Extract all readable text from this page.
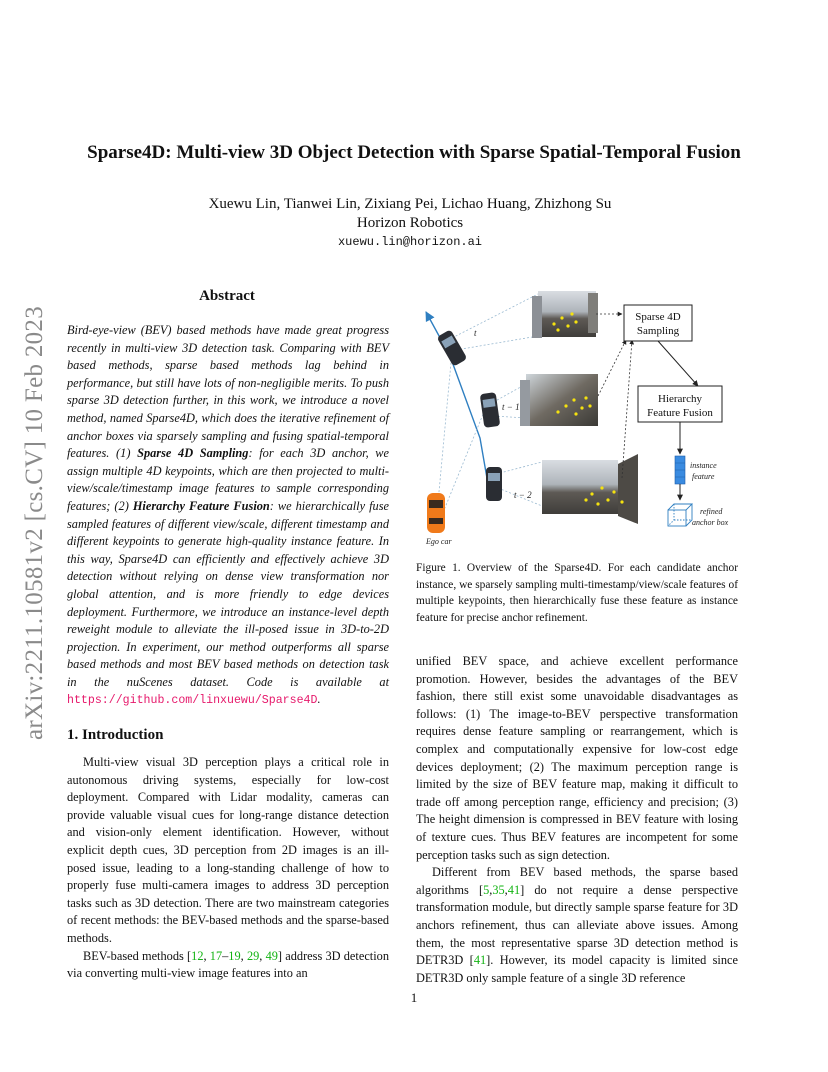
arXiv:2211.10581v2 [cs.CV] 10 Feb 2023
Sparse4D: Multi-view 3D Object Detection with Sparse Spatial-Temporal Fusion
Xuewu Lin, Tianwei Lin, Zixiang Pei, Lichao Huang, Zhizhong Su
Horizon Robotics
xuewu.lin@horizon.ai
Abstract
Bird-eye-view (BEV) based methods have made great progress recently in multi-view 3D detection task. Comparing with BEV based methods, sparse based methods lag behind in performance, but still have lots of non-negligible merits. To push sparse 3D detection further, in this work, we introduce a novel method, named Sparse4D, which does the iterative refinement of anchor boxes via sparsely sampling and fusing spatial-temporal features. (1) Sparse 4D Sampling: for each 3D anchor, we assign multiple 4D keypoints, which are then projected to multi-view/scale/timestamp image features to sample corresponding features; (2) Hierarchy Feature Fusion: we hierarchically fuse sampled features of different view/scale, different timestamp and different keypoints to generate high-quality instance feature. In this way, Sparse4D can efficiently and effectively achieve 3D detection without relying on dense view transformation nor global attention, and is more friendly to edge devices deployment. Furthermore, we introduce an instance-level depth reweight module to alleviate the ill-posed issue in 3D-to-2D projection. In experiment, our method outperforms all sparse based methods and most BEV based methods on detection task in the nuScenes dataset. Code is available at https://github.com/linxuewu/Sparse4D.
1. Introduction

Multi-view visual 3D perception plays a critical role in autonomous driving systems, especially for low-cost deployment. Compared with Lidar modality, cameras can provide valuable visual cues for long-range distance detection and vision-only element identification. However, without explicit depth cues, 3D perception from 2D images is an ill-posed issue, leading to a long-standing challenge of how to properly fuse multi-camera images to address 3D perception tasks such as 3D detection. There are two mainstream categories of recent methods: the BEV-based methods and the sparse-based methods.

BEV-based methods [12, 17–19, 29, 49] address 3D detection via converting multi-view image features into an

t
t − 1
t − 2
Ego car
Sparse 4D
Sampling
Hierarchy
Feature Fusion
instance
feature
refined
anchor box
Figure 1. Overview of the Sparse4D. For each candidate anchor instance, we sparsely sampling multi-timestamp/view/scale features of multiple keypoints, then hierarchically fuse these feature as instance feature for precise anchor refinement.

unified BEV space, and achieve excellent performance promotion. However, besides the advantages of the BEV fashion, there still exist some unavoidable disadvantages as follows: (1) The image-to-BEV perspective transformation requires dense feature sampling or rearrangement, which is complex and computationally expensive for low-cost edge devices deployment; (2) The maximum perception range is limited by the size of BEV feature map, making it difficult to trade off among perception range, efficiency and precision; (3) The height dimension is compressed in BEV feature with losing of texture cues. Thus BEV features are incompetent for some perception tasks such as sign detection.

Different from BEV based methods, the sparse based algorithms [5,35,41] do not require a dense perspective transformation module, but directly sample sparse feature for 3D anchors refinement, thus can alleviate above issues. Among them, the most representative sparse 3D detection method is DETR3D [41]. However, its model capacity is limited since DETR3D only sample feature of a single 3D reference

1
